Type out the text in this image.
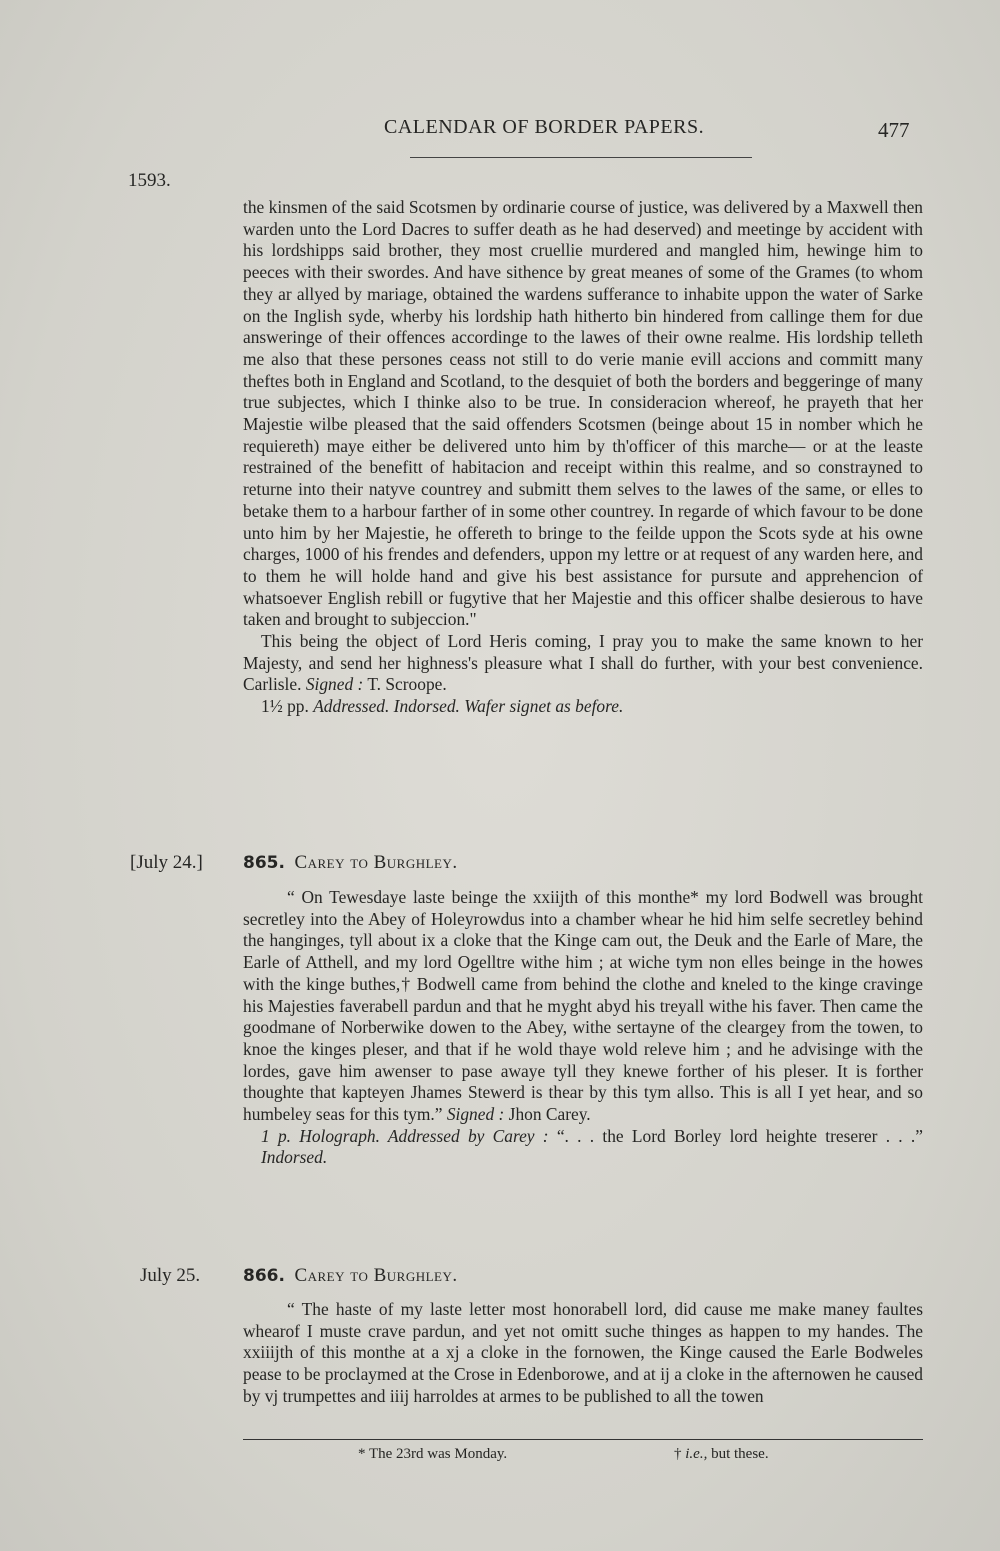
CALENDAR OF BORDER PAPERS.	477
1593.

the kinsmen of the said Scotsmen by ordinarie course of justice, was delivered by a Maxwell then warden unto the Lord Dacres to suffer death as he had deserved) and meetinge by accident with his lordshipps said brother, they most cruellie murdered and mangled him, hewinge him to peeces with their swordes. And have sithence by great meanes of some of the Grames (to whom they ar allyed by mariage, obtained the wardens sufferance to inhabite uppon the water of Sarke on the Inglish syde, wherby his lordship hath hitherto bin hindered from callinge them for due answeringe of their offences accordinge to the lawes of their owne realme. His lordship telleth me also that these persones ceass not still to do verie manie evill accions and committ many theftes both in England and Scotland, to the desquiet of both the borders and beggeringe of many true subjectes, which I thinke also to be true. In consideracion whereof, he prayeth that her Majestie wilbe pleased that the said offenders Scotsmen (beinge about 15 in nomber which he requiereth) maye either be delivered unto him by th'officer of this marche— or at the leaste restrained of the benefitt of habitacion and receipt within this realme, and so constrayned to returne into their natyve countrey and submitt them selves to the lawes of the same, or elles to betake them to a harbour farther of in some other countrey. In regarde of which favour to be done unto him by her Majestie, he offereth to bringe to the feilde uppon the Scots syde at his owne charges, 1000 of his frendes and defenders, uppon my lettre or at request of any warden here, and to them he will holde hand and give his best assistance for pursute and apprehencion of whatsoever English rebill or fugytive that her Majestie and this officer shalbe desierous to have taken and brought to subjeccion."

This being the object of Lord Heris coming, I pray you to make the same known to her Majesty, and send her highness's pleasure what I shall do further, with your best convenience. Carlisle. Signed : T. Scroope.

1½ pp. Addressed. Indorsed. Wafer signet as before.

[July 24.] 865. Carey to Burghley.

“ On Tewesdaye laste beinge the xxiijth of this monthe* my lord Bodwell was brought secretley into the Abey of Holeyrowdus into a chamber whear he hid him selfe secretley behind the hanginges, tyll about ix a cloke that the Kinge cam out, the Deuk and the Earle of Mare, the Earle of Atthell, and my lord Ogelltre withe him ; at wiche tym non elles beinge in the howes with the kinge buthes,† Bodwell came from behind the clothe and kneled to the kinge cravinge his Majesties faverabell pardun and that he myght abyd his treyall withe his faver. Then came the goodmane of Norberwike dowen to the Abey, withe sertayne of the cleargey from the towen, to knoe the kinges pleser, and that if he wold thaye wold releve him ; and he advisinge with the lordes, gave him awenser to pase awaye tyll they knewe forther of his pleser. It is forther thoughte that kapteyen Jhames Stewerd is thear by this tym allso. This is all I yet hear, and so humbeley seas for this tym.” Signed : Jhon Carey.

1 p. Holograph. Addressed by Carey : “. . . the Lord Borley lord heighte treserer . . .” Indorsed.

July 25.	866. Carey to Burghley.

“ The haste of my laste letter most honorabell lord, did cause me make maney faultes whearof I muste crave pardun, and yet not omitt suche thinges as happen to my handes. The xxiiijth of this monthe at a xj a cloke in the fornowen, the Kinge caused the Earle Bodweles pease to be proclaymed at the Crose in Edenborowe, and at ij a cloke in the afternowen he caused by vj trumpettes and iiij harroldes at armes to be published to all the towen

* The 23rd was Monday.	† i.e., but these.
